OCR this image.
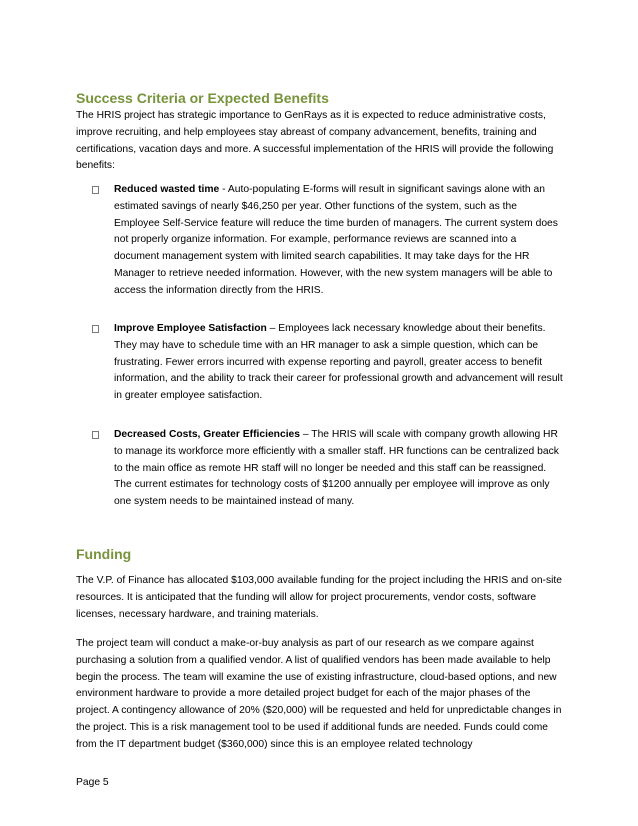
Success Criteria or Expected Benefits

The HRIS project has strategic importance to GenRays as it is expected to reduce administrative costs, improve recruiting, and help employees stay abreast of company advancement, benefits, training and certifications, vacation days and more. A successful implementation of the HRIS will provide the following benefits:

Reduced wasted time - Auto-populating E-forms will result in significant savings alone with an estimated savings of nearly $46,250 per year. Other functions of the system, such as the Employee Self-Service feature will reduce the time burden of managers. The current system does not properly organize information. For example, performance reviews are scanned into a document management system with limited search capabilities. It may take days for the HR Manager to retrieve needed information. However, with the new system managers will be able to access the information directly from the HRIS.

Improve Employee Satisfaction – Employees lack necessary knowledge about their benefits. They may have to schedule time with an HR manager to ask a simple question, which can be frustrating. Fewer errors incurred with expense reporting and payroll, greater access to benefit information, and the ability to track their career for professional growth and advancement will result in greater employee satisfaction.

Decreased Costs, Greater Efficiencies – The HRIS will scale with company growth allowing HR to manage its workforce more efficiently with a smaller staff. HR functions can be centralized back to the main office as remote HR staff will no longer be needed and this staff can be reassigned. The current estimates for technology costs of $1200 annually per employee will improve as only one system needs to be maintained instead of many.

Funding

The V.P. of Finance has allocated $103,000 available funding for the project including the HRIS and on-site resources. It is anticipated that the funding will allow for project procurements, vendor costs, software licenses, necessary hardware, and training materials.

The project team will conduct a make-or-buy analysis as part of our research as we compare against purchasing a solution from a qualified vendor. A list of qualified vendors has been made available to help begin the process. The team will examine the use of existing infrastructure, cloud-based options, and new environment hardware to provide a more detailed project budget for each of the major phases of the project. A contingency allowance of 20% ($20,000) will be requested and held for unpredictable changes in the project. This is a risk management tool to be used if additional funds are needed. Funds could come from the IT department budget ($360,000) since this is an employee related technology

Page 5
